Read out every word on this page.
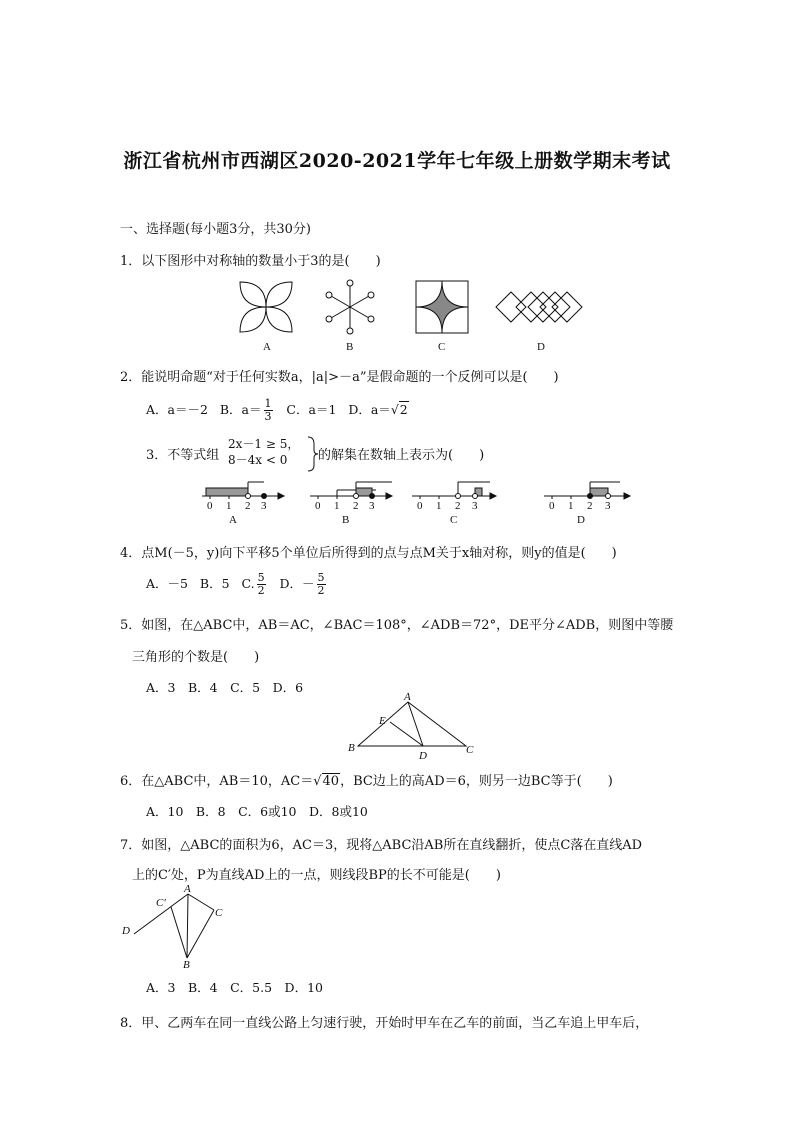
浙江省杭州市西湖区2020-2021学年七年级上册数学期末考试
一、选择题(每小题3分，共30分)
1．以下图形中对称轴的数量小于3的是(　　)
A	B	C	D
2．能说明命题“对于任何实数a，|a|>－a”是假命题的一个反例可以是(　　)
A．a＝－2 B．$a= \frac{1}{3}$ C．a＝1 D．a＝√2
3．不等式组
2x－1 ≥ 5，
8－4x < 0 的解集在数轴上表示为(　　)
0 1 2 3	0 1 2 3	0 1 2 3	0 1 2 3
A	B	C	D
4．点M(－5，y)向下平移5个单位后所得到的点与点M关于x轴对称，则y的值是(　　)
A．－5 B．5 C. $\frac{5}{2}$ D．－ $\frac{5}{2}$
5．如图，在△ABC中，AB＝AC，∠BAC＝108°，∠ADB＝72°，DE平分∠ADB，则图中等腰
三角形的个数是(　　)
A．3　B．4　C．5　D．6
A
B	C
D
E
6．在△ABC中，AB＝10，AC＝√40，BC边上的高AD＝6，则另一边BC等于(　　)
A．10　B．8　C．6或10　D．8或10
7．如图，△ABC的面积为6，AC＝3，现将△ABC沿AB所在直线翻折，使点C落在直线AD
上的C′处，P为直线AD上的一点，则线段BP的长不可能是(　　)
A
B
C
C′
D
A．3　B．4　C．5.5　D．10
8．甲、乙两车在同一直线公路上匀速行驶，开始时甲车在乙车的前面，当乙车追上甲车后，
